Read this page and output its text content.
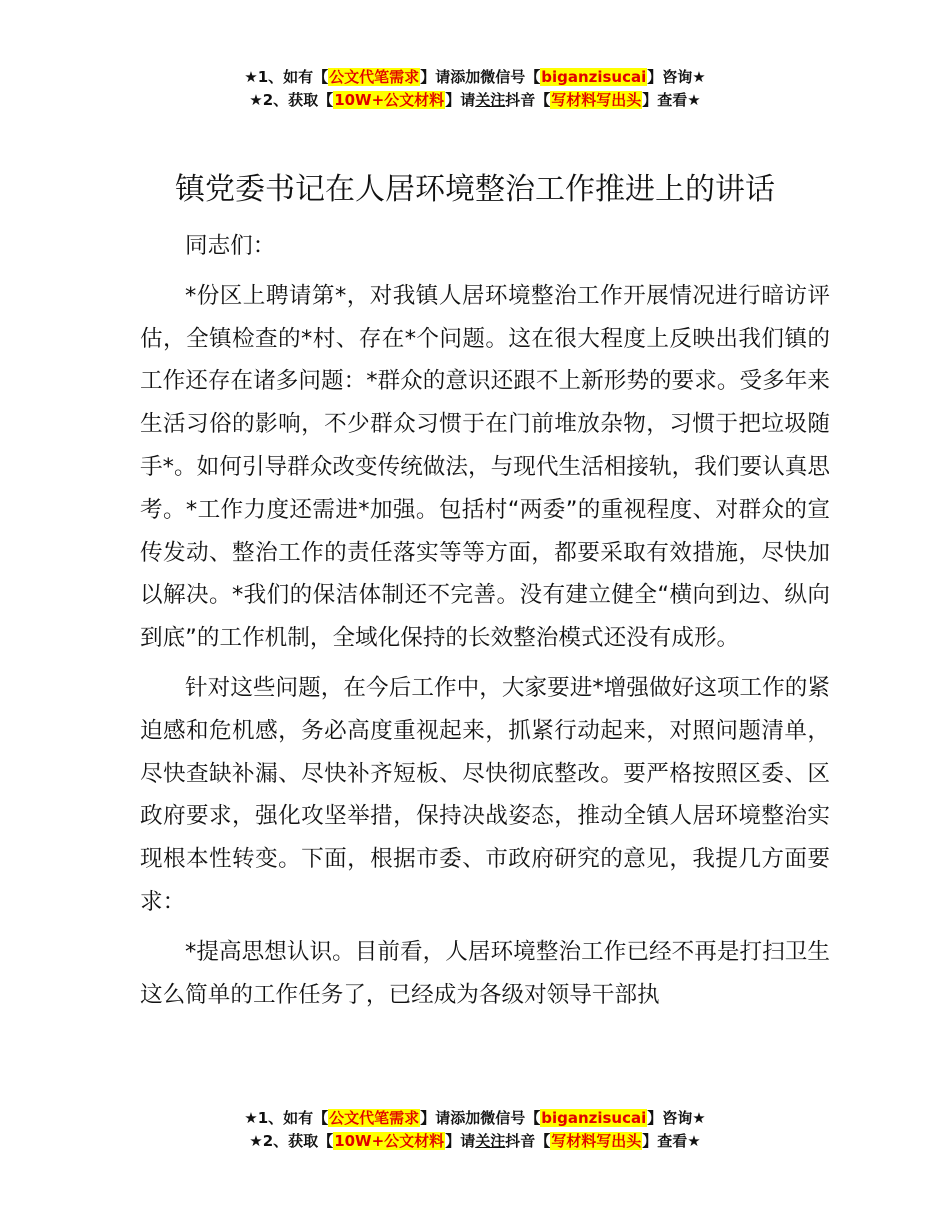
★1、如有【公文代笔需求】请添加微信号【biganzisucai】咨询★
★2、获取【10W+公文材料】请关注抖音【写材料写出头】查看★
镇党委书记在人居环境整治工作推进上的讲话

同志们：

*份区上聘请第*，对我镇人居环境整治工作开展情况进行暗访评估，全镇检查的*村、存在*个问题。这在很大程度上反映出我们镇的工作还存在诸多问题：*群众的意识还跟不上新形势的要求。受多年来生活习俗的影响，不少群众习惯于在门前堆放杂物，习惯于把垃圾随手*。如何引导群众改变传统做法，与现代生活相接轨，我们要认真思考。*工作力度还需进*加强。包括村“两委”的重视程度、对群众的宣传发动、整治工作的责任落实等等方面，都要采取有效措施，尽快加以解决。*我们的保洁体制还不完善。没有建立健全“横向到边、纵向到底”的工作机制，全域化保持的长效整治模式还没有成形。

针对这些问题，在今后工作中，大家要进*增强做好这项工作的紧迫感和危机感，务必高度重视起来，抓紧行动起来，对照问题清单，尽快查缺补漏、尽快补齐短板、尽快彻底整改。要严格按照区委、区政府要求，强化攻坚举措，保持决战姿态，推动全镇人居环境整治实现根本性转变。下面，根据市委、市政府研究的意见，我提几方面要求：

*提高思想认识。目前看，人居环境整治工作已经不再是打扫卫生这么简单的工作任务了，已经成为各级对领导干部执

★1、如有【公文代笔需求】请添加微信号【biganzisucai】咨询★
★2、获取【10W+公文材料】请关注抖音【写材料写出头】查看★
